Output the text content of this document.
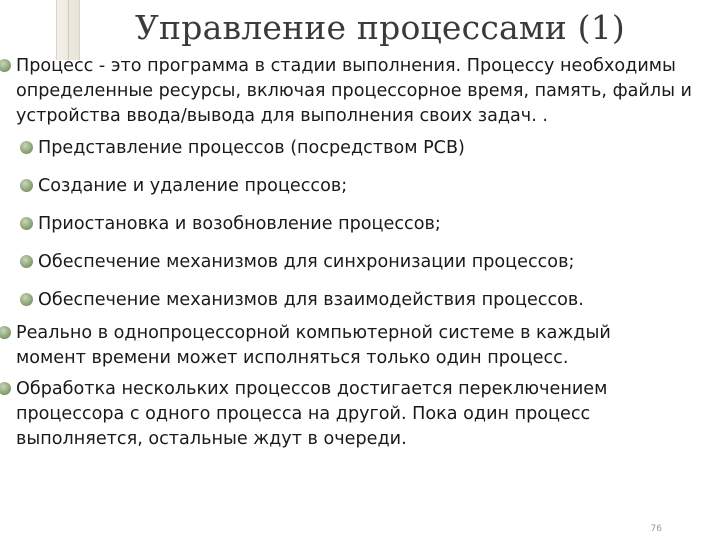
Управление процессами (1)
Процесс - это программа в стадии выполнения. Процессу необходимы определенные ресурсы, включая процессорное время, память, файлы и устройства ввода/вывода для выполнения своих задач. .
Представление процессов (посредством РСВ)
Создание и удаление процессов;
Приостановка и возобновление процессов;
Обеспечение механизмов для синхронизации процессов;
Обеспечение механизмов для взаимодействия процессов.
Реально в однопроцессорной компьютерной системе в каждый момент времени может исполняться только один процесс.
Обработка нескольких процессов достигается переключением процессора с одного процесса на другой. Пока один процесс выполняется, остальные ждут в очереди.
76
